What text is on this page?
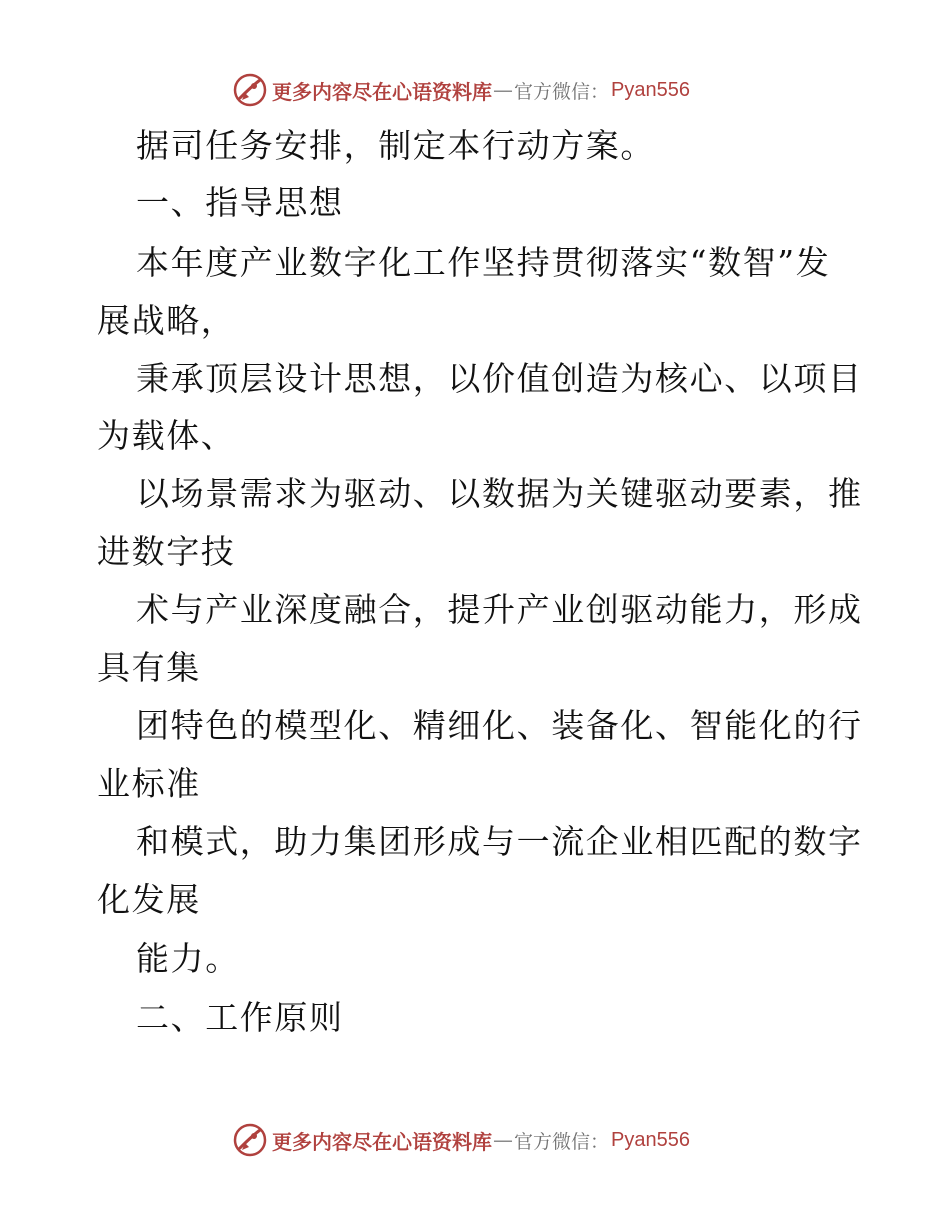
更多内容尽在心语资料库 — 官方微信： Pyan556
据司任务安排，制定本行动方案。
一、指导思想
本年度产业数字化工作坚持贯彻落实“数智”发
展战略，
秉承顶层设计思想，以价值创造为核心、以项目
为载体、
以场景需求为驱动、以数据为关键驱动要素，推
进数字技
术与产业深度融合，提升产业创驱动能力，形成
具有集
团特色的模型化、精细化、装备化、智能化的行
业标准
和模式，助力集团形成与一流企业相匹配的数字
化发展
能力。
二、工作原则
更多内容尽在心语资料库 — 官方微信： Pyan556
